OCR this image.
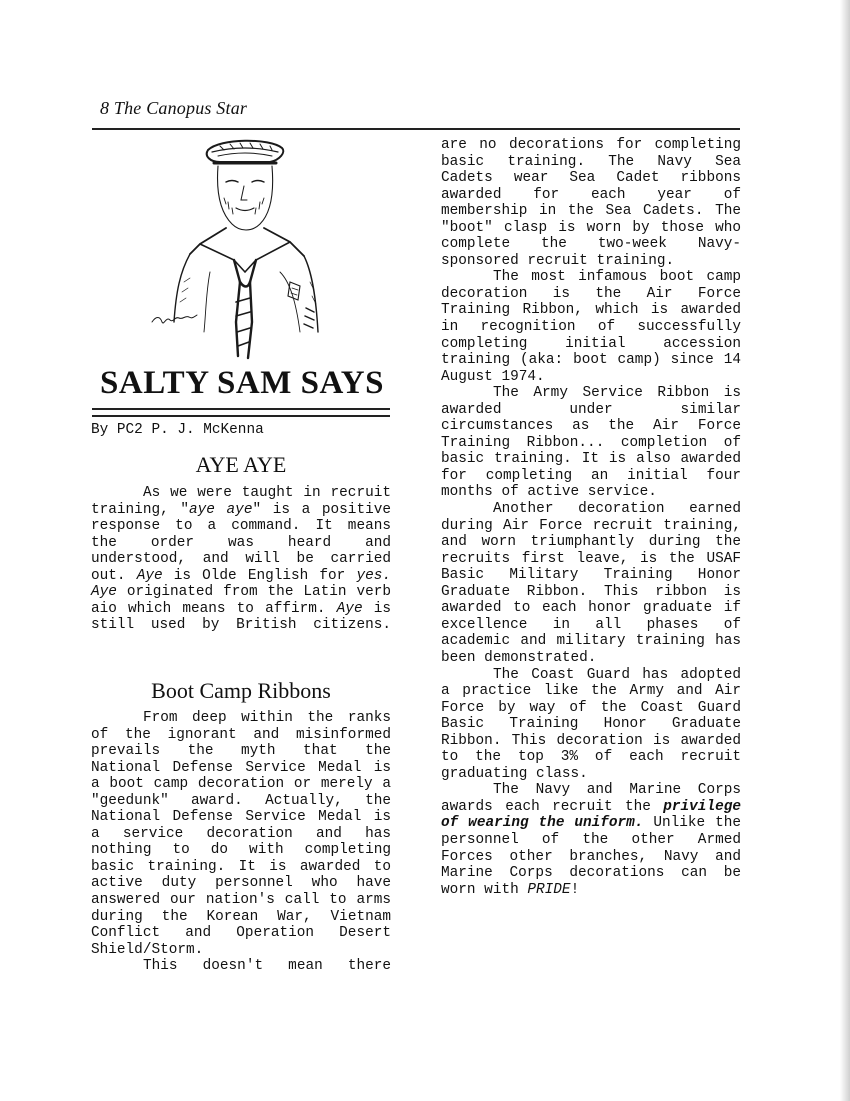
8 The Canopus Star
SALTY SAM SAYS

By PC2 P. J. McKenna

AYE AYE

As we were taught in recruit training, "aye aye" is a positive response to a command. It means the order was heard and understood, and will be carried out. Aye is Olde English for yes. Aye originated from the Latin verb aio which means to affirm. Aye is still used by British citizens.

Boot Camp Ribbons

From deep within the ranks of the ignorant and misinformed prevails the myth that the National Defense Service Medal is a boot camp decoration or merely a "geedunk" award. Actually, the National Defense Service Medal is a service decoration and has nothing to do with completing basic training. It is awarded to active duty personnel who have answered our nation's call to arms during the Korean War, Vietnam Conflict and Operation Desert Shield/Storm.

This doesn't mean there

are no decorations for completing basic training. The Navy Sea Cadets wear Sea Cadet ribbons awarded for each year of membership in the Sea Cadets. The "boot" clasp is worn by those who complete the two-week Navy-sponsored recruit training.

The most infamous boot camp decoration is the Air Force Training Ribbon, which is awarded in recognition of successfully completing initial accession training (aka: boot camp) since 14 August 1974.

The Army Service Ribbon is awarded under similar circumstances as the Air Force Training Ribbon... completion of basic training. It is also awarded for completing an initial four months of active service.

Another decoration earned during Air Force recruit training, and worn triumphantly during the recruits first leave, is the USAF Basic Military Training Honor Graduate Ribbon. This ribbon is awarded to each honor graduate if excellence in all phases of academic and military training has been demonstrated.

The Coast Guard has adopted a practice like the Army and Air Force by way of the Coast Guard Basic Training Honor Graduate Ribbon. This decoration is awarded to the top 3% of each recruit graduating class.

The Navy and Marine Corps awards each recruit the privilege of wearing the uniform. Unlike the personnel of the other Armed Forces other branches, Navy and Marine Corps decorations can be worn with PRIDE!
